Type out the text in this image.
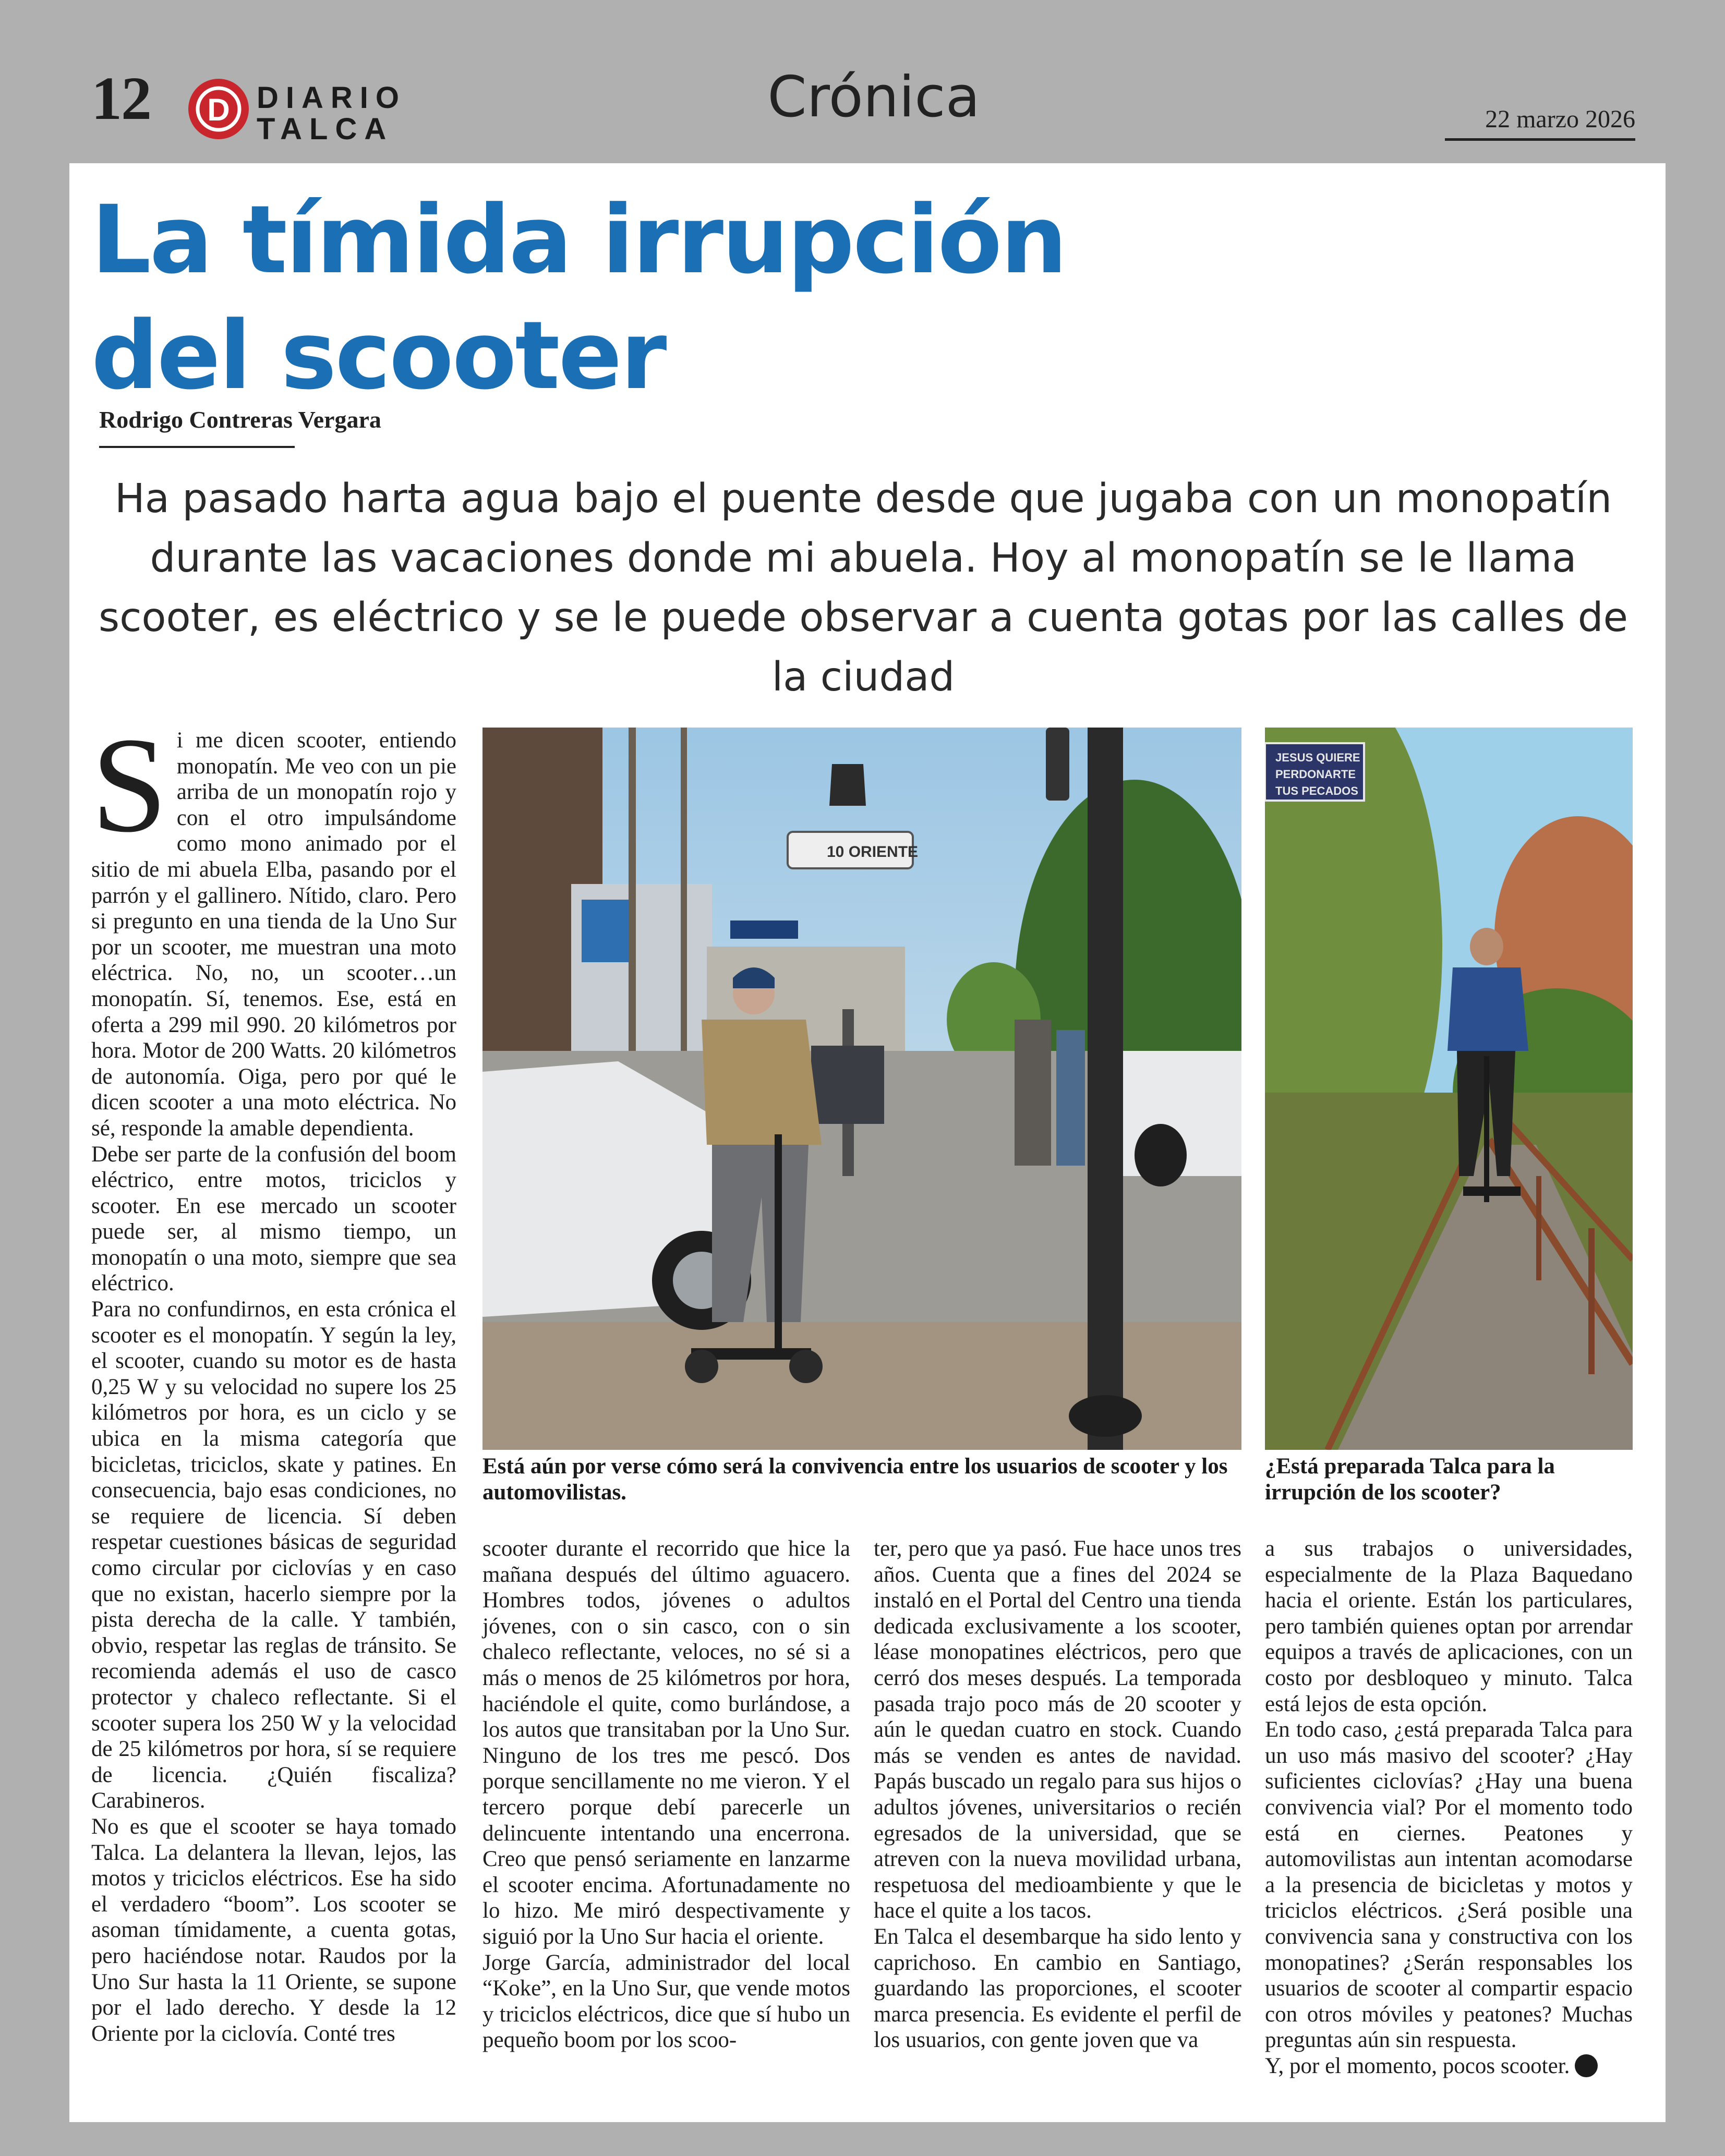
12 D DIARIO
TALCA	Crónica	22 marzo 2026
La tímida irrupción
del scooter
Rodrigo Contreras Vergara
Ha pasado harta agua bajo el puente desde que jugaba con un monopatín durante las vacaciones donde mi abuela. Hoy al monopatín se le llama scooter, es eléctrico y se le puede observar a cuenta gotas por las calles de la ciudad

Si me dicen scooter, entiendo monopatín. Me veo con un pie arriba de un monopatín rojo y con el otro impulsándome como mono animado por el sitio de mi abuela Elba, pasando por el parrón y el gallinero. Nítido, claro. Pero si pregunto en una tienda de la Uno Sur por un scooter, me muestran una moto eléctrica. No, no, un scooter…un monopatín. Sí, tenemos. Ese, está en oferta a 299 mil 990. 20 kilómetros por hora. Motor de 200 Watts. 20 kilómetros de autonomía. Oiga, pero por qué le dicen scooter a una moto eléctrica. No sé, responde la amable dependienta.

Debe ser parte de la confusión del boom eléctrico, entre motos, triciclos y scooter. En ese mercado un scooter puede ser, al mismo tiempo, un monopatín o una moto, siempre que sea eléctrico.

Para no confundirnos, en esta crónica el scooter es el monopatín. Y según la ley, el scooter, cuando su motor es de hasta 0,25 W y su velocidad no supere los 25 kilómetros por hora, es un ciclo y se ubica en la misma categoría que bicicletas, triciclos, skate y patines. En consecuencia, bajo esas condiciones, no se requiere de licencia. Sí deben respetar cuestiones básicas de seguridad como circular por ciclovías y en caso que no existan, hacerlo siempre por la pista derecha de la calle. Y también, obvio, respetar las reglas de tránsito. Se recomienda además el uso de casco protector y chaleco reflectante. Si el scooter supera los 250 W y la velocidad de 25 kilómetros por hora, sí se requiere de licencia. ¿Quién fiscaliza? Carabineros.

No es que el scooter se haya tomado Talca. La delantera la llevan, lejos, las motos y triciclos eléctricos. Ese ha sido el verdadero “boom”. Los scooter se asoman tímidamente, a cuenta gotas, pero haciéndose notar. Raudos por la Uno Sur hasta la 11 Oriente, se supone por el lado derecho. Y desde la 12 Oriente por la ciclovía. Conté tres

10 ORIENTE
Está aún por verse cómo será la convivencia entre los usuarios de scooter y los automovilistas.
JESUS QUIERE
PERDONARTE
TUS PECADOS
¿Está preparada Talca para la irrupción de los scooter?

scooter durante el recorrido que hice la mañana después del último aguacero. Hombres todos, jóvenes o adultos jóvenes, con o sin casco, con o sin chaleco reflectante, veloces, no sé si a más o menos de 25 kilómetros por hora, haciéndole el quite, como burlándose, a los autos que transitaban por la Uno Sur. Ninguno de los tres me pescó. Dos porque sencillamente no me vieron. Y el tercero porque debí parecerle un delincuente intentando una encerrona. Creo que pensó seriamente en lanzarme el scooter encima. Afortunadamente no lo hizo. Me miró despectivamente y siguió por la Uno Sur hacia el oriente.

Jorge García, administrador del local “Koke”, en la Uno Sur, que vende motos y triciclos eléctricos, dice que sí hubo un pequeño boom por los scoo-

ter, pero que ya pasó. Fue hace unos tres años. Cuenta que a fines del 2024 se instaló en el Portal del Centro una tienda dedicada exclusivamente a los scooter, léase monopatines eléctricos, pero que cerró dos meses después. La temporada pasada trajo poco más de 20 scooter y aún le quedan cuatro en stock. Cuando más se venden es antes de navidad. Papás buscado un regalo para sus hijos o adultos jóvenes, universitarios o recién egresados de la universidad, que se atreven con la nueva movilidad urbana, respetuosa del medioambiente y que le hace el quite a los tacos.

En Talca el desembarque ha sido lento y caprichoso. En cambio en Santiago, guardando las proporciones, el scooter marca presencia. Es evidente el perfil de los usuarios, con gente joven que va

a sus trabajos o universidades, especialmente de la Plaza Baquedano hacia el oriente. Están los particulares, pero también quienes optan por arrendar equipos a través de aplicaciones, con un costo por desbloqueo y minuto. Talca está lejos de esta opción.

En todo caso, ¿está preparada Talca para un uso más masivo del scooter? ¿Hay suficientes ciclovías? ¿Hay una buena convivencia vial? Por el momento todo está en ciernes. Peatones y automovilistas aun intentan acomodarse a la presencia de bicicletas y motos y triciclos eléctricos. ¿Será posible una convivencia sana y constructiva con los monopatines? ¿Serán responsables los usuarios de scooter al compartir espacio con otros móviles y peatones? Muchas preguntas aún sin respuesta.

Y, por el momento, pocos scooter.
